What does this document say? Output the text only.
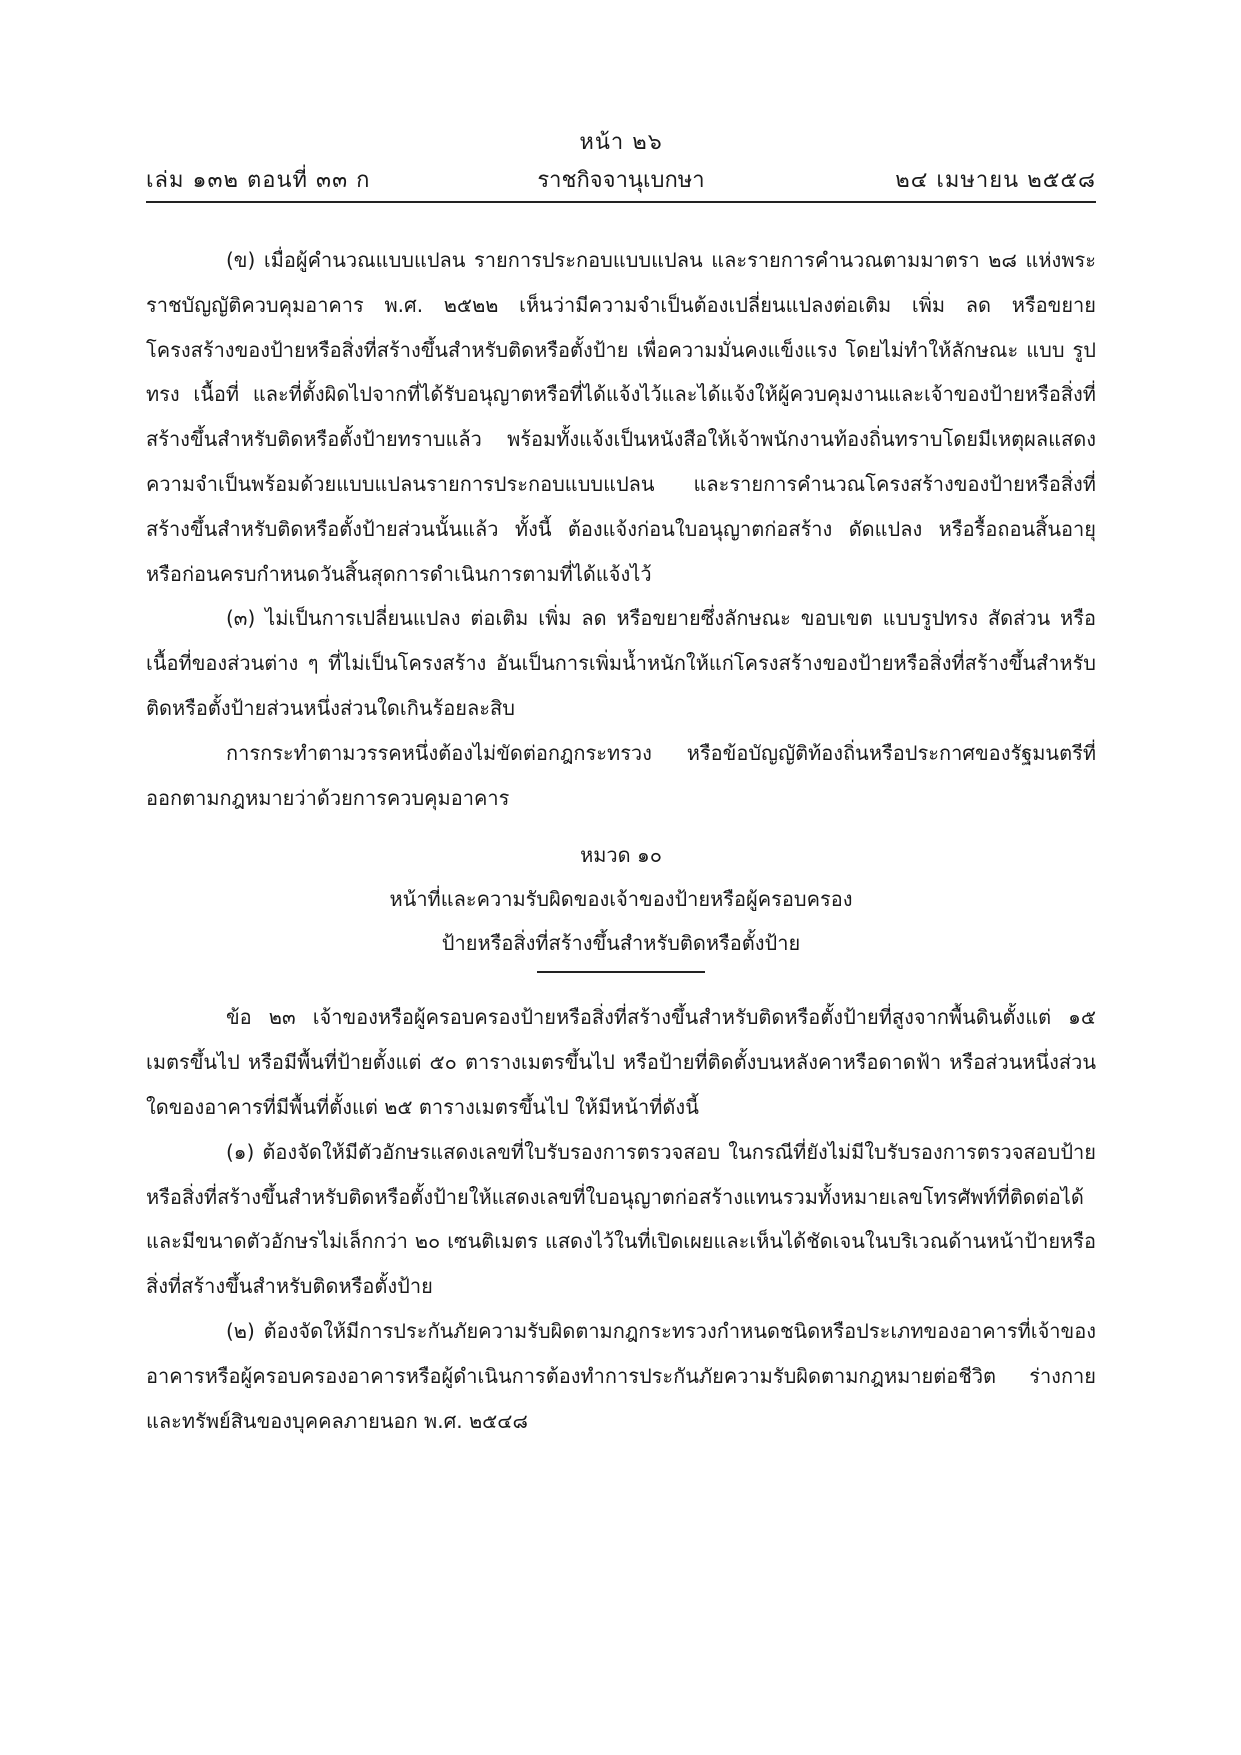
หน้า ๒๖
เล่ม ๑๓๒ ตอนที่ ๓๓ ก	ราชกิจจานุเบกษา	๒๔ เมษายน ๒๕๕๘

(ข) เมื่อผู้คำนวณแบบแปลน รายการประกอบแบบแปลน และรายการคำนวณตามมาตรา ๒๘ แห่งพระราชบัญญัติควบคุมอาคาร พ.ศ. ๒๕๒๒ เห็นว่ามีความจำเป็นต้องเปลี่ยนแปลงต่อเติม เพิ่ม ลด หรือขยายโครงสร้างของป้ายหรือสิ่งที่สร้างขึ้นสำหรับติดหรือตั้งป้าย เพื่อความมั่นคงแข็งแรง โดยไม่ทำให้ลักษณะ แบบ รูปทรง เนื้อที่ และที่ตั้งผิดไปจากที่ได้รับอนุญาตหรือที่ได้แจ้งไว้และได้แจ้งให้ผู้ควบคุมงานและเจ้าของป้ายหรือสิ่งที่สร้างขึ้นสำหรับติดหรือตั้งป้ายทราบแล้ว พร้อมทั้งแจ้งเป็นหนังสือให้เจ้าพนักงานท้องถิ่นทราบโดยมีเหตุผลแสดงความจำเป็นพร้อมด้วยแบบแปลนรายการประกอบแบบแปลน และรายการคำนวณโครงสร้างของป้ายหรือสิ่งที่สร้างขึ้นสำหรับติดหรือตั้งป้ายส่วนนั้นแล้ว ทั้งนี้ ต้องแจ้งก่อนใบอนุญาตก่อสร้าง ดัดแปลง หรือรื้อถอนสิ้นอายุ หรือก่อนครบกำหนดวันสิ้นสุดการดำเนินการตามที่ได้แจ้งไว้

(๓) ไม่เป็นการเปลี่ยนแปลง ต่อเติม เพิ่ม ลด หรือขยายซึ่งลักษณะ ขอบเขต แบบรูปทรง สัดส่วน หรือเนื้อที่ของส่วนต่าง ๆ ที่ไม่เป็นโครงสร้าง อันเป็นการเพิ่มน้ำหนักให้แก่โครงสร้างของป้ายหรือสิ่งที่สร้างขึ้นสำหรับติดหรือตั้งป้ายส่วนหนึ่งส่วนใดเกินร้อยละสิบ

การกระทำตามวรรคหนึ่งต้องไม่ขัดต่อกฎกระทรวง หรือข้อบัญญัติท้องถิ่นหรือประกาศของรัฐมนตรีที่ออกตามกฎหมายว่าด้วยการควบคุมอาคาร

หมวด ๑๐
หน้าที่และความรับผิดของเจ้าของป้ายหรือผู้ครอบครอง
ป้ายหรือสิ่งที่สร้างขึ้นสำหรับติดหรือตั้งป้าย

ข้อ ๒๓ เจ้าของหรือผู้ครอบครองป้ายหรือสิ่งที่สร้างขึ้นสำหรับติดหรือตั้งป้ายที่สูงจากพื้นดินตั้งแต่ ๑๕ เมตรขึ้นไป หรือมีพื้นที่ป้ายตั้งแต่ ๕๐ ตารางเมตรขึ้นไป หรือป้ายที่ติดตั้งบนหลังคาหรือดาดฟ้า หรือส่วนหนึ่งส่วนใดของอาคารที่มีพื้นที่ตั้งแต่ ๒๕ ตารางเมตรขึ้นไป ให้มีหน้าที่ดังนี้

(๑) ต้องจัดให้มีตัวอักษรแสดงเลขที่ใบรับรองการตรวจสอบ ในกรณีที่ยังไม่มีใบรับรองการตรวจสอบป้ายหรือสิ่งที่สร้างขึ้นสำหรับติดหรือตั้งป้ายให้แสดงเลขที่ใบอนุญาตก่อสร้างแทนรวมทั้งหมายเลขโทรศัพท์ที่ติดต่อได้ และมีขนาดตัวอักษรไม่เล็กกว่า ๒๐ เซนติเมตร แสดงไว้ในที่เปิดเผยและเห็นได้ชัดเจนในบริเวณด้านหน้าป้ายหรือสิ่งที่สร้างขึ้นสำหรับติดหรือตั้งป้าย

(๒) ต้องจัดให้มีการประกันภัยความรับผิดตามกฎกระทรวงกำหนดชนิดหรือประเภทของอาคารที่เจ้าของอาคารหรือผู้ครอบครองอาคารหรือผู้ดำเนินการต้องทำการประกันภัยความรับผิดตามกฎหมายต่อชีวิต ร่างกาย และทรัพย์สินของบุคคลภายนอก พ.ศ. ๒๕๔๘
